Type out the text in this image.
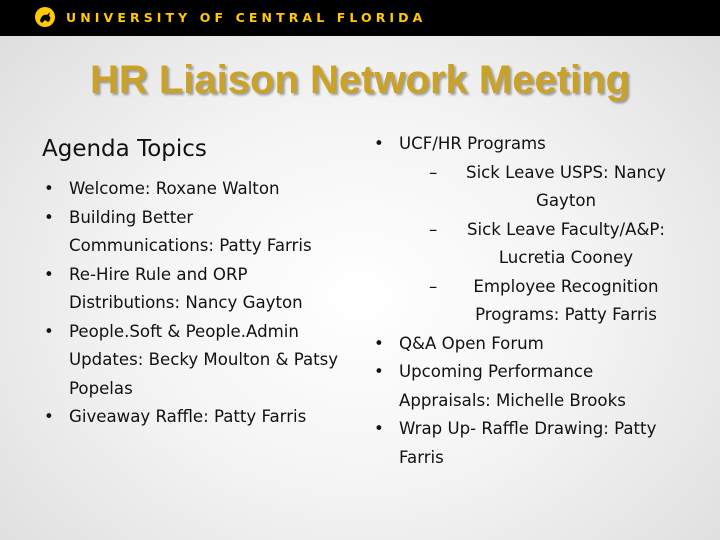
UNIVERSITY OF CENTRAL FLORIDA
HR Liaison Network Meeting
Agenda Topics
• Welcome: Roxane Walton
• Building Better Communications: Patty Farris
• Re-Hire Rule and ORP Distributions: Nancy Gayton
• People.Soft & People.Admin Updates: Becky Moulton & Patsy Popelas
• Giveaway Raffle: Patty Farris
• UCF/HR Programs
–	Sick Leave USPS: Nancy Gayton
–	Sick Leave Faculty/A&P: Lucretia Cooney
–	Employee Recognition Programs: Patty Farris
• Q&A Open Forum
• Upcoming Performance Appraisals: Michelle Brooks
• Wrap Up- Raffle Drawing: Patty Farris
